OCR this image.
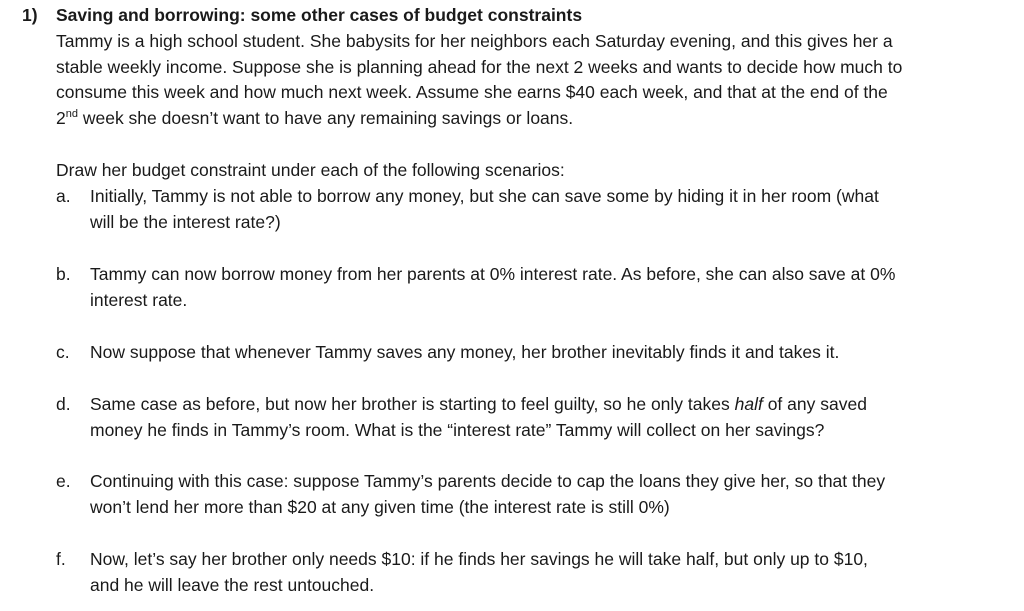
1) Saving and borrowing: some other cases of budget constraints

Tammy is a high school student. She babysits for her neighbors each Saturday evening, and this gives her a
stable weekly income. Suppose she is planning ahead for the next 2 weeks and wants to decide how much to
consume this week and how much next week. Assume she earns $40 each week, and that at the end of the
2nd week she doesn’t want to have any remaining savings or loans.

Draw her budget constraint under each of the following scenarios:

a.	Initially, Tammy is not able to borrow any money, but she can save some by hiding it in her room (what
will be the interest rate?)
b.	Tammy can now borrow money from her parents at 0% interest rate. As before, she can also save at 0%
interest rate.
c.	Now suppose that whenever Tammy saves any money, her brother inevitably finds it and takes it.
d.	Same case as before, but now her brother is starting to feel guilty, so he only takes half of any saved
money he finds in Tammy’s room. What is the “interest rate” Tammy will collect on her savings?
e.	Continuing with this case: suppose Tammy’s parents decide to cap the loans they give her, so that they
won’t lend her more than $20 at any given time (the interest rate is still 0%)
f.	Now, let’s say her brother only needs $10: if he finds her savings he will take half, but only up to $10,
and he will leave the rest untouched.
